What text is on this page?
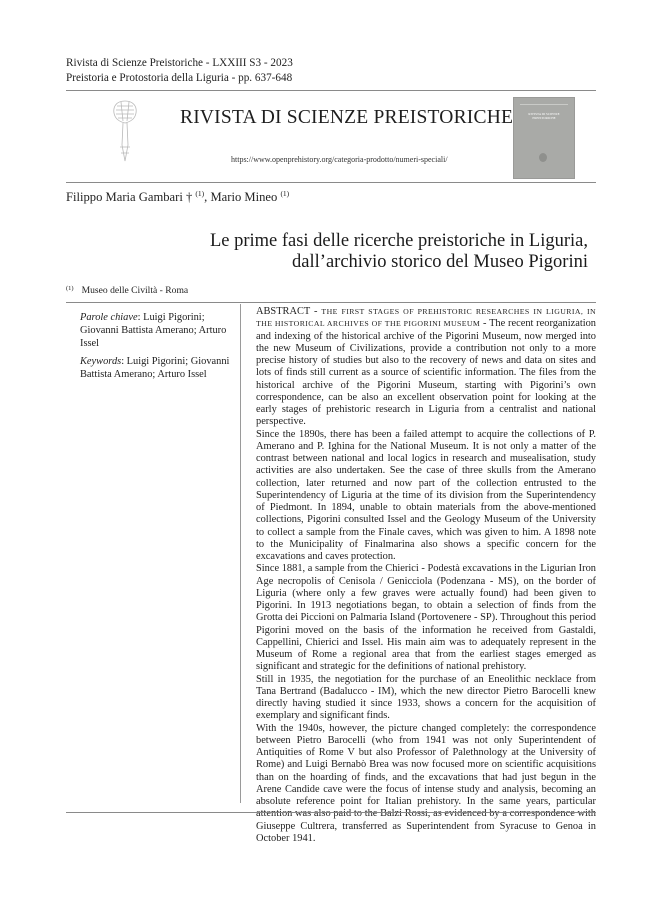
Rivista di Scienze Preistoriche - LXXIII S3 - 2023
Preistoria e Protostoria della Liguria - pp. 637-648
RIVISTA DI SCIENZE PREISTORICHE
https://www.openprehistory.org/categoria-prodotto/numeri-speciali/
RIVISTA DI SCIENZE PREISTORICHE
Filippo Maria Gambari † $^{(1)}$, Mario Mineo $^{(1)}$
Le prime fasi delle ricerche preistoriche in Liguria,
dall’archivio storico del Museo Pigorini
$^{(1)}$ Museo delle Civiltà - Roma

Parole chiave: Luigi Pigorini; Giovanni Battista Amerano; Arturo Issel

Keywords: Luigi Pigorini; Giovanni Battista Amerano; Arturo Issel

ABSTRACT - THE FIRST STAGES OF PREHISTORIC RESEARCHES IN LIGURIA, IN THE HISTORICAL ARCHIVES OF THE PIGORINI MUSEUM - The recent reorganization and indexing of the historical archive of the Pigorini Museum, now merged into the new Museum of Civilizations, provide a contribution not only to a more precise history of studies but also to the recovery of news and data on sites and lots of finds still current as a source of scientific information. The files from the historical archive of the Pigorini Museum, starting with Pigorini’s own correspondence, can be also an excellent observation point for looking at the early stages of prehistoric research in Liguria from a centralist and national perspective.

Since the 1890s, there has been a failed attempt to acquire the collections of P. Amerano and P. Ighina for the National Museum. It is not only a matter of the contrast between national and local logics in research and musealisation, study activities are also undertaken. See the case of three skulls from the Amerano collection, later returned and now part of the collection entrusted to the Superintendency of Liguria at the time of its division from the Superintendency of Piedmont. In 1894, unable to obtain materials from the above-mentioned collections, Pigorini consulted Issel and the Geology Museum of the University to collect a sample from the Finale caves, which was given to him. A 1898 note to the Municipality of Finalmarina also shows a specific concern for the excavations and caves protection.

Since 1881, a sample from the Chierici - Podestà excavations in the Ligurian Iron Age necropolis of Cenisola / Genicciola (Podenzana - MS), on the border of Liguria (where only a few graves were actually found) had been given to Pigorini. In 1913 negotiations began, to obtain a selection of finds from the Grotta dei Piccioni on Palmaria Island (Portovenere - SP). Throughout this period Pigorini moved on the basis of the information he received from Gastaldi, Cappellini, Chierici and Issel. His main aim was to adequately represent in the Museum of Rome a regional area that from the earliest stages emerged as significant and strategic for the definitions of national prehistory.

Still in 1935, the negotiation for the purchase of an Eneolithic necklace from Tana Bertrand (Badalucco - IM), which the new director Pietro Barocelli knew directly having studied it since 1933, shows a concern for the acquisition of exemplary and significant finds.

With the 1940s, however, the picture changed completely: the correspondence between Pietro Barocelli (who from 1941 was not only Superintendent of Antiquities of Rome V but also Professor of Palethnology at the University of Rome) and Luigi Bernabò Brea was now focused more on scientific acquisitions than on the hoarding of finds, and the excavations that had just begun in the Arene Candide cave were the focus of intense study and analysis, becoming an absolute reference point for Italian prehistory. In the same years, particular attention was also paid to the Balzi Rossi, as evidenced by a correspondence with Giuseppe Cultrera, transferred as Superintendent from Syracuse to Genoa in October 1941.
